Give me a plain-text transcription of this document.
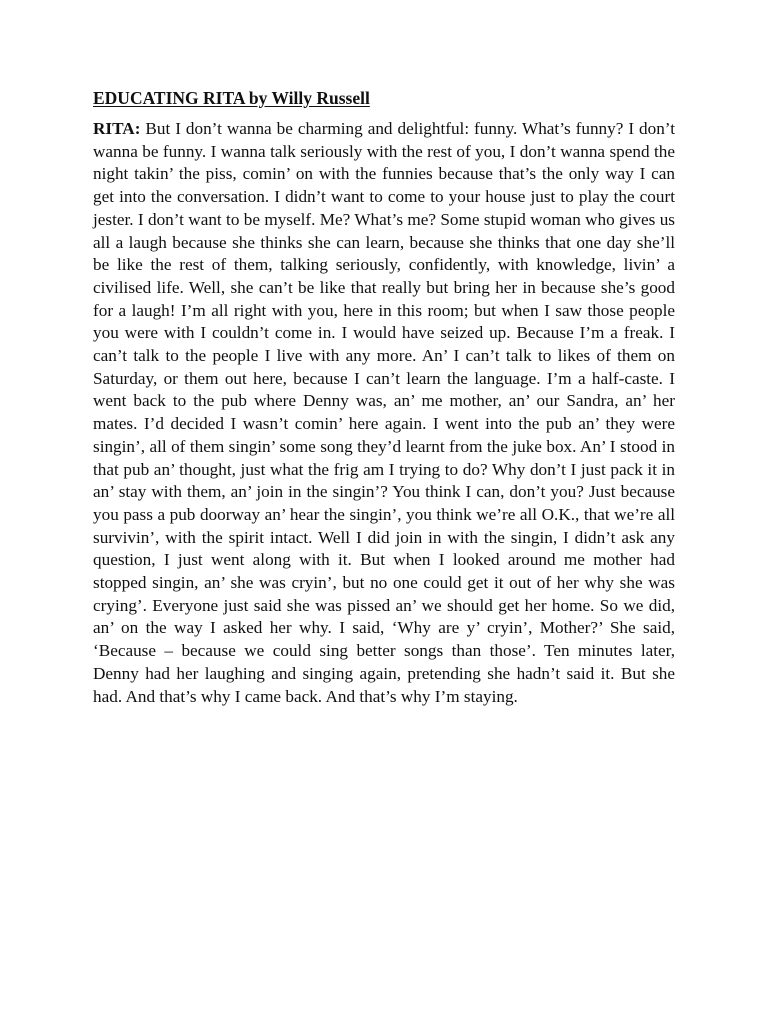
EDUCATING RITA by Willy Russell

RITA: But I don’t wanna be charming and delightful: funny. What’s funny? I don’t wanna be funny. I wanna talk seriously with the rest of you, I don’t wanna spend the night takin’ the piss, comin’ on with the funnies because that’s the only way I can get into the conversation. I didn’t want to come to your house just to play the court jester. I don’t want to be myself. Me? What’s me? Some stupid woman who gives us all a laugh because she thinks she can learn, because she thinks that one day she’ll be like the rest of them, talking seriously, confidently, with knowledge, livin’ a civilised life. Well, she can’t be like that really but bring her in because she’s good for a laugh! I’m all right with you, here in this room; but when I saw those people you were with I couldn’t come in. I would have seized up. Because I’m a freak. I can’t talk to the people I live with any more. An’ I can’t talk to likes of them on Saturday, or them out here, because I can’t learn the language. I’m a half-caste. I went back to the pub where Denny was, an’ me mother, an’ our Sandra, an’ her mates. I’d decided I wasn’t comin’ here again. I went into the pub an’ they were singin’, all of them singin’ some song they’d learnt from the juke box. An’ I stood in that pub an’ thought, just what the frig am I trying to do? Why don’t I just pack it in an’ stay with them, an’ join in the singin’? You think I can, don’t you? Just because you pass a pub doorway an’ hear the singin’, you think we’re all O.K., that we’re all survivin’, with the spirit intact. Well I did join in with the singin, I didn’t ask any question, I just went along with it. But when I looked around me mother had stopped singin, an’ she was cryin’, but no one could get it out of her why she was crying’. Everyone just said she was pissed an’ we should get her home. So we did, an’ on the way I asked her why. I said, ‘Why are y’ cryin’, Mother?’ She said, ‘Because – because we could sing better songs than those’. Ten minutes later, Denny had her laughing and singing again, pretending she hadn’t said it. But she had. And that’s why I came back. And that’s why I’m staying.
